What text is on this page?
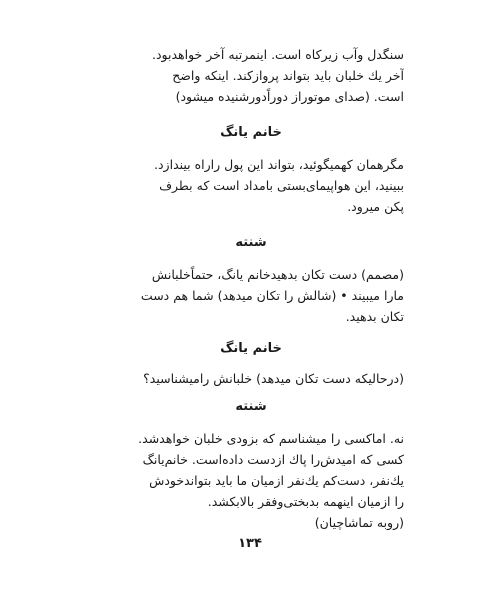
سنگدل وآب زیرکاه است. اینمرتبه آخر خواهدبود.
آخر یك خلبان باید بتواند پروازکند. اینکه واضح
است. (صدای موتوراز دوراًدورشنیده میشود)
خانم یانگ
مگرهمان کهمیگوئید، بتواند این پول راراه بیندازد.
ببینید، این هواپیمای‌بستی بامداد است که بطرف
پکن میرود.
شنته
(مصمم) دست تکان بدهیدخانم یانگ، حتماًخلبانش
مارا میبیند • (شالش را تکان میدهد) شما هم دست
تکان بدهید.
خانم یانگ
(درحالیکه دست تکان میدهد) خلبانش رامیشناسید؟
شنته
نه. اماکسی را میشناسم که بزودی خلبان خواهدشد.
کسی که امیدش‌را پاك ازدست داده‌است. خانم‌یانگ
یك‌نفر، دست‌کم یك‌نفر ازمیان ما باید بتواندخودش
را ازمیان اینهمه بدبختی‌وفقر بالابکشد.
(روبه تماشاچیان)
۱۳۴
